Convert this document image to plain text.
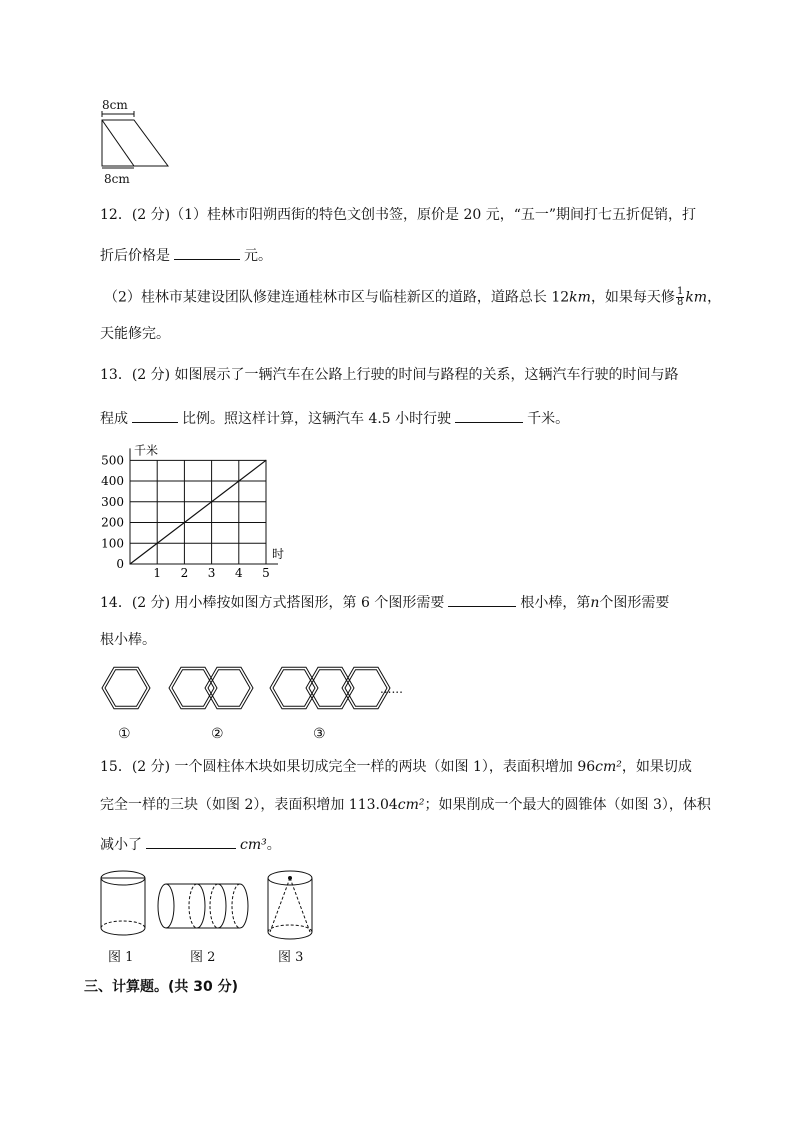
8cm
8cm
12．(2 分)（1）桂林市阳朔西街的特色文创书签，原价是 20 元，“五一”期间打七五折促销，打
折后价格是	元。
（2）桂林市某建设团队修建连通桂林市区与临桂新区的道路，道路总长 12km，如果每天修 $\frac{1}{8}$ km，
天能修完。
13．(2 分) 如图展示了一辆汽车在公路上行驶的时间与路程的关系，这辆汽车行驶的时间与路
程成	比例。照这样计算，这辆汽车 4.5 小时行驶	千米。
1 2 3 4 5
0
100
200
300
400
500
千米
时
14．(2 分) 用小棒按如图方式搭图形，第 6 个图形需要	根小棒，第n个图形需要
根小棒。
①	②	③
......
15．(2 分) 一个圆柱体木块如果切成完全一样的两块（如图 1），表面积增加 96cm²，如果切成
完全一样的三块（如图 2），表面积增加 113.04cm²；如果削成一个最大的圆锥体（如图 3），体积
减小了	cm³。
图 1	图 2	图 3
三、计算题。(共 30 分)
